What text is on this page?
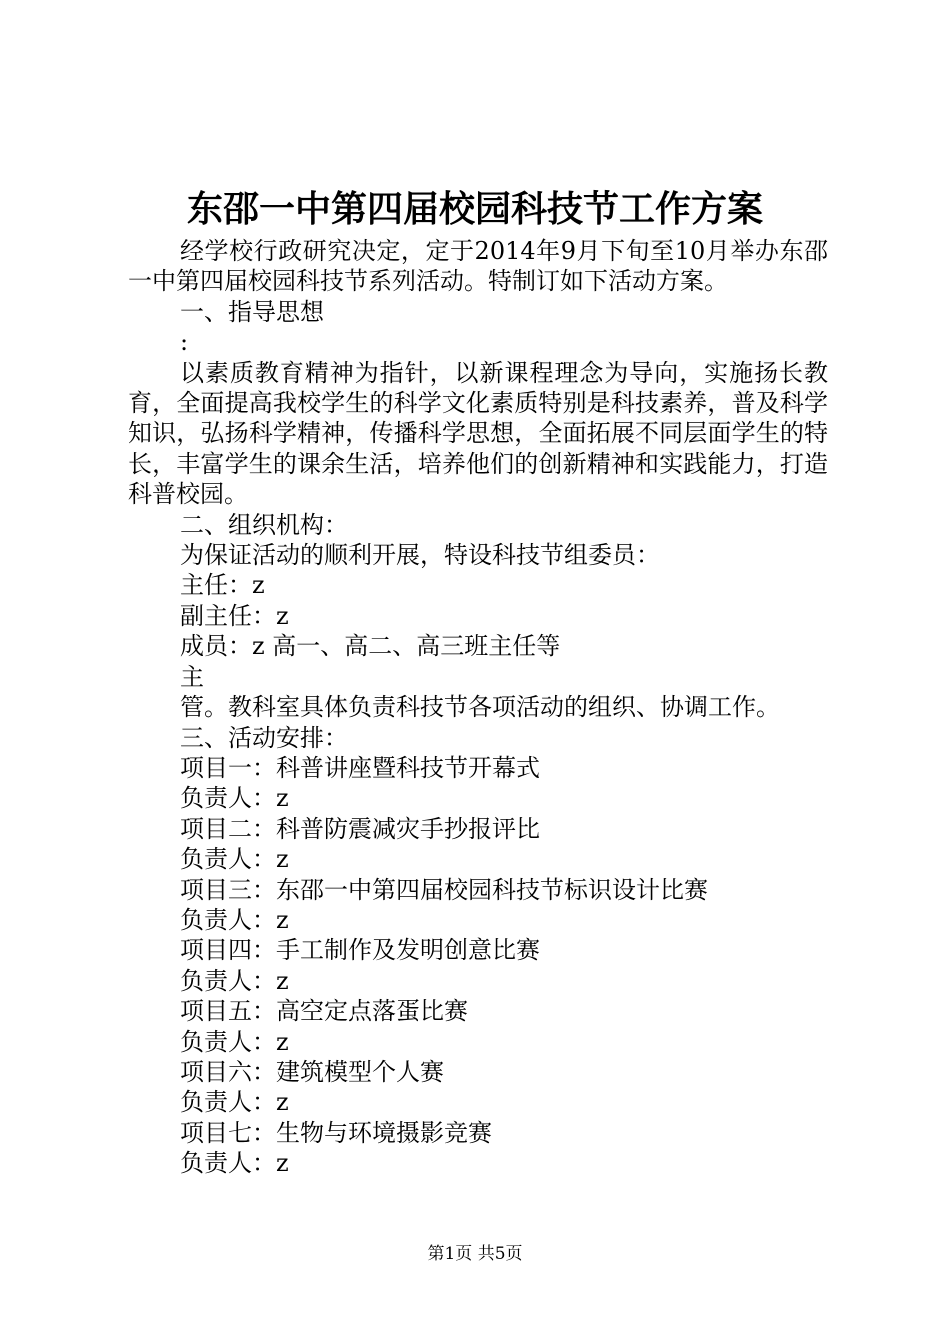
东邵一中第四届校园科技节工作方案

经学校行政研究决定，定于2014年9月下旬至10月举办东邵一中第四届校园科技节系列活动。特制订如下活动方案。

一、指导思想

:

以素质教育精神为指针，以新课程理念为导向，实施扬长教育，全面提高我校学生的科学文化素质特别是科技素养，普及科学知识，弘扬科学精神，传播科学思想，全面拓展不同层面学生的特长，丰富学生的课余生活，培养他们的创新精神和实践能力，打造科普校园。

二、组织机构：

为保证活动的顺利开展，特设科技节组委员：

主任：z

副主任：z

成员：z 高一、高二、高三班主任等

主

管。教科室具体负责科技节各项活动的组织、协调工作。

三、活动安排：

项目一：科普讲座暨科技节开幕式

负责人：z

项目二：科普防震减灾手抄报评比

负责人：z

项目三：东邵一中第四届校园科技节标识设计比赛

负责人：z

项目四：手工制作及发明创意比赛

负责人：z

项目五：高空定点落蛋比赛

负责人：z

项目六：建筑模型个人赛

负责人：z

项目七：生物与环境摄影竞赛

负责人：z

第1页 共5页
